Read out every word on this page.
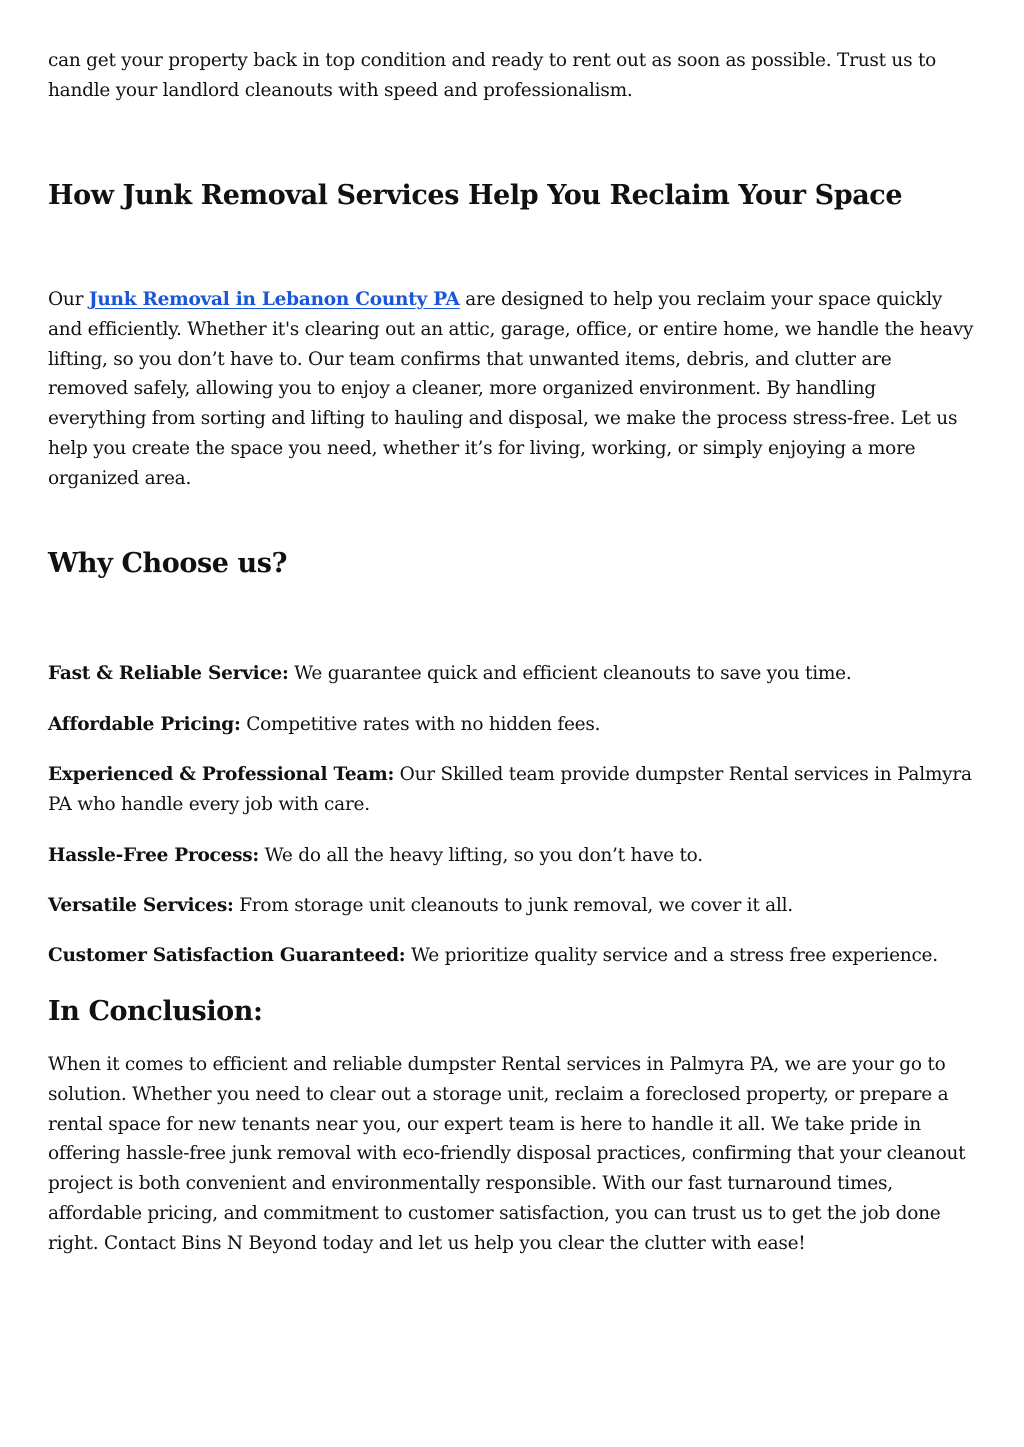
can get your property back in top condition and ready to rent out as soon as possible. Trust us to handle your landlord cleanouts with speed and professionalism.

How Junk Removal Services Help You Reclaim Your Space

Our Junk Removal in Lebanon County PA are designed to help you reclaim your space quickly and efficiently. Whether it's clearing out an attic, garage, office, or entire home, we handle the heavy lifting, so you don’t have to. Our team confirms that unwanted items, debris, and clutter are removed safely, allowing you to enjoy a cleaner, more organized environment. By handling everything from sorting and lifting to hauling and disposal, we make the process stress-free. Let us help you create the space you need, whether it’s for living, working, or simply enjoying a more organized area.

Why Choose us?

Fast & Reliable Service: We guarantee quick and efficient cleanouts to save you time.

Affordable Pricing: Competitive rates with no hidden fees.

Experienced & Professional Team: Our Skilled team provide dumpster Rental services in Palmyra PA who handle every job with care.

Hassle-Free Process: We do all the heavy lifting, so you don’t have to.

Versatile Services: From storage unit cleanouts to junk removal, we cover it all.

Customer Satisfaction Guaranteed: We prioritize quality service and a stress free experience.

In Conclusion:

When it comes to efficient and reliable dumpster Rental services in Palmyra PA, we are your go to solution. Whether you need to clear out a storage unit, reclaim a foreclosed property, or prepare a rental space for new tenants near you, our expert team is here to handle it all. We take pride in offering hassle-free junk removal with eco-friendly disposal practices, confirming that your cleanout project is both convenient and environmentally responsible. With our fast turnaround times, affordable pricing, and commitment to customer satisfaction, you can trust us to get the job done right. Contact Bins N Beyond today and let us help you clear the clutter with ease!
